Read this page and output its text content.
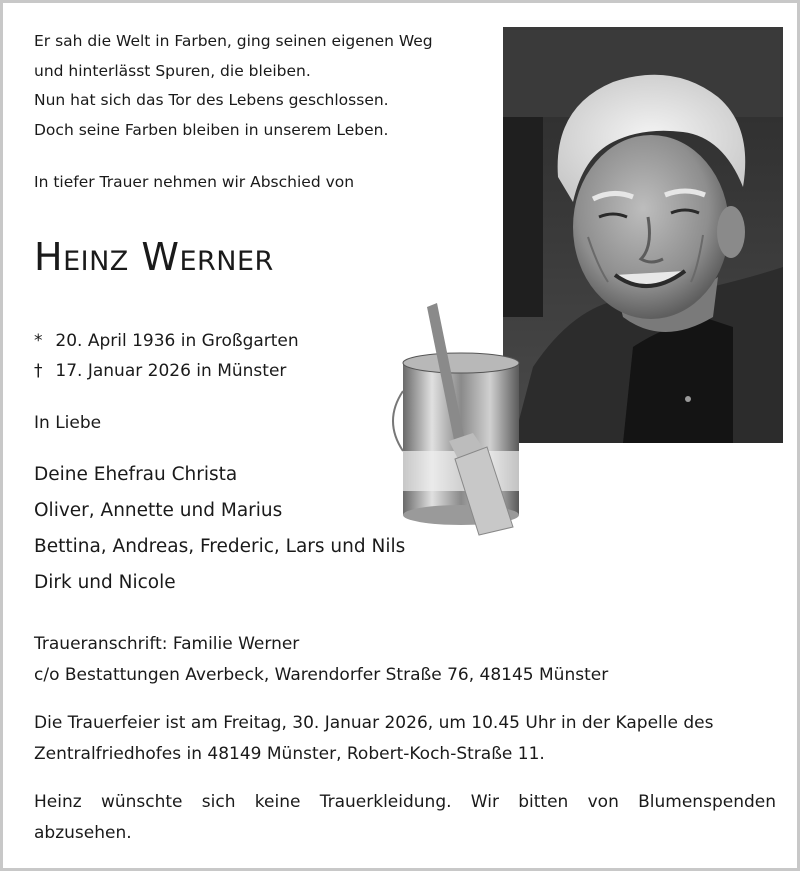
Er sah die Welt in Farben, ging seinen eigenen Weg
und hinterlässt Spuren, die bleiben.
Nun hat sich das Tor des Lebens geschlossen.
Doch seine Farben bleiben in unserem Leben.
In tiefer Trauer nehmen wir Abschied von
Heinz Werner
* 20. April 1936 in Großgarten
† 17. Januar 2026 in Münster
In Liebe
Deine Ehefrau Christa
Oliver, Annette und Marius
Bettina, Andreas, Frederic, Lars und Nils
Dirk und Nicole
Traueranschrift: Familie Werner
c/o Bestattungen Averbeck, Warendorfer Straße 76, 48145 Münster
Die Trauerfeier ist am Freitag, 30. Januar 2026, um 10.45 Uhr in der Kapelle des
Zentralfriedhofes in 48149 Münster, Robert-Koch-Straße 11.
Heinz wünschte sich keine Trauerkleidung. Wir bitten von Blumenspenden
abzusehen.
